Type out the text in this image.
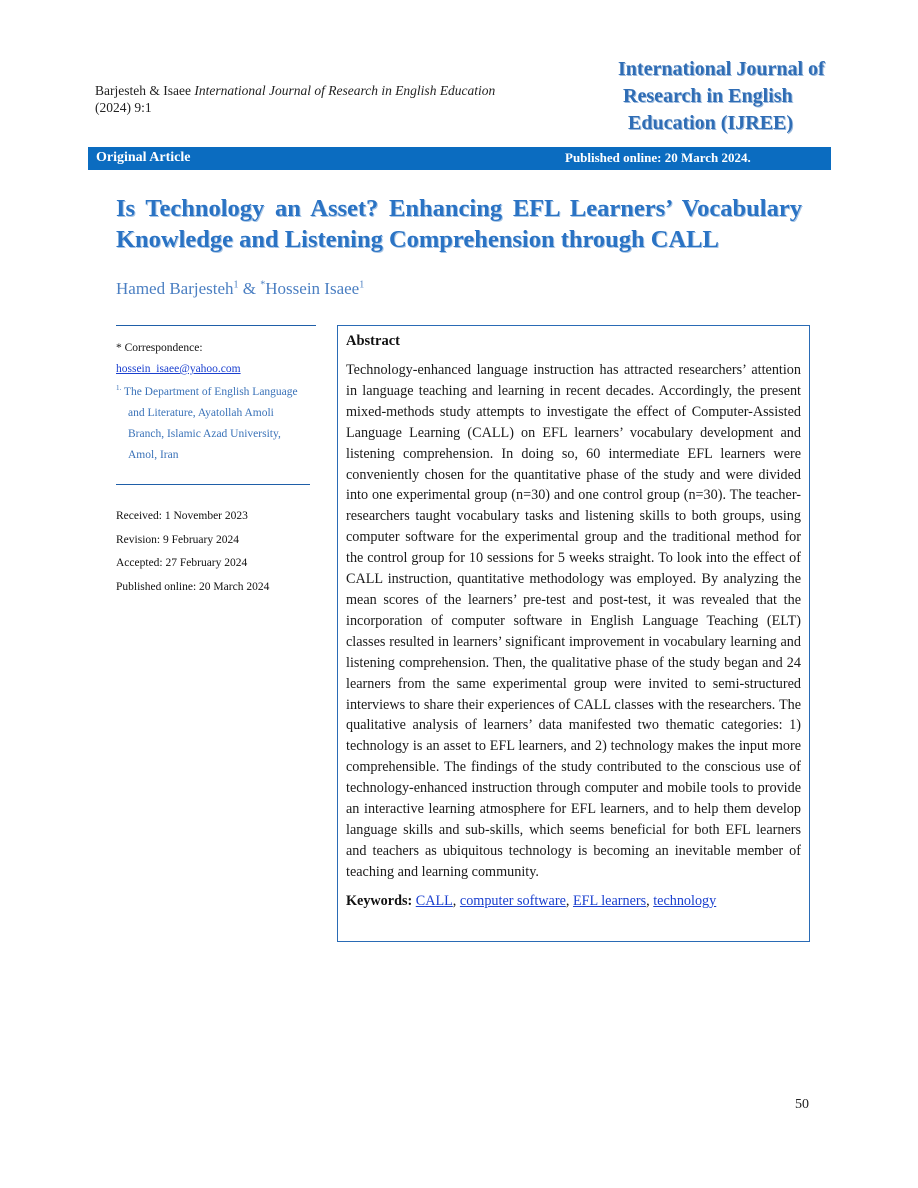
Barjesteh & Isaee International Journal of Research in English Education
(2024) 9:1
International Journal of
Research in English
Education (IJREE)
Original Article	Published online: 20 March 2024.
Is Technology an Asset? Enhancing EFL Learners’ Vocabulary
Knowledge and Listening Comprehension through CALL
Hamed Barjesteh$^1$ & *Hossein Isaee$^1$
* Correspondence:
hossein_isaee@yahoo.com
$^{1.}$ The Department of English Language
and Literature, Ayatollah Amoli
Branch, Islamic Azad University,
Amol, Iran
Received: 1 November 2023
Revision: 9 February 2024
Accepted: 27 February 2024
Published online: 20 March 2024
Abstract

Technology-enhanced language instruction has attracted researchers’ attention in language teaching and learning in recent decades. Accordingly, the present mixed-methods study attempts to investigate the effect of Computer-Assisted Language Learning (CALL) on EFL learners’ vocabulary development and listening comprehension. In doing so, 60 intermediate EFL learners were conveniently chosen for the quantitative phase of the study and were divided into one experimental group (n=30) and one control group (n=30). The teacher-researchers taught vocabulary tasks and listening skills to both groups, using computer software for the experimental group and the traditional method for the control group for 10 sessions for 5 weeks straight. To look into the effect of CALL instruction, quantitative methodology was employed. By analyzing the mean scores of the learners’ pre-test and post-test, it was revealed that the incorporation of computer software in English Language Teaching (ELT) classes resulted in learners’ significant improvement in vocabulary learning and listening comprehension. Then, the qualitative phase of the study began and 24 learners from the same experimental group were invited to semi-structured interviews to share their experiences of CALL classes with the researchers. The qualitative analysis of learners’ data manifested two thematic categories: 1) technology is an asset to EFL learners, and 2) technology makes the input more comprehensible. The findings of the study contributed to the conscious use of technology-enhanced instruction through computer and mobile tools to provide an interactive learning atmosphere for EFL learners, and to help them develop language skills and sub-skills, which seems beneficial for both EFL learners and teachers as ubiquitous technology is becoming an inevitable member of teaching and learning community.

Keywords: CALL, computer software, EFL learners, technology
50
